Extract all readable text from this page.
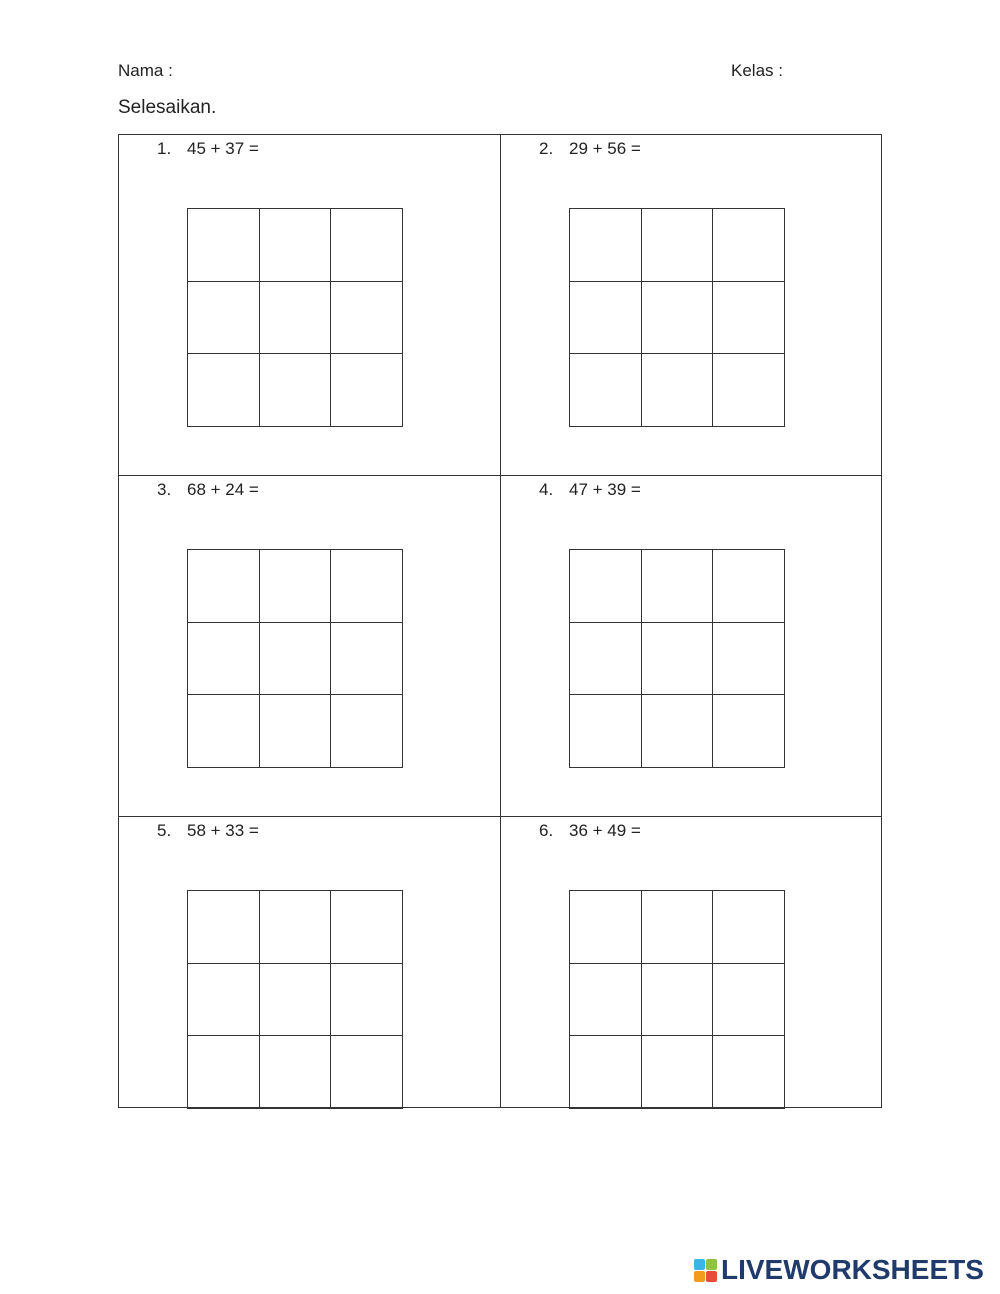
Nama :	Kelas :
Selesaikan.
1. 45 + 37 =	2. 29 + 56 =
3. 68 + 24 =	4. 47 + 39 =
5. 58 + 33 =	6. 36 + 49 =
LIVEWORKSHEETS
